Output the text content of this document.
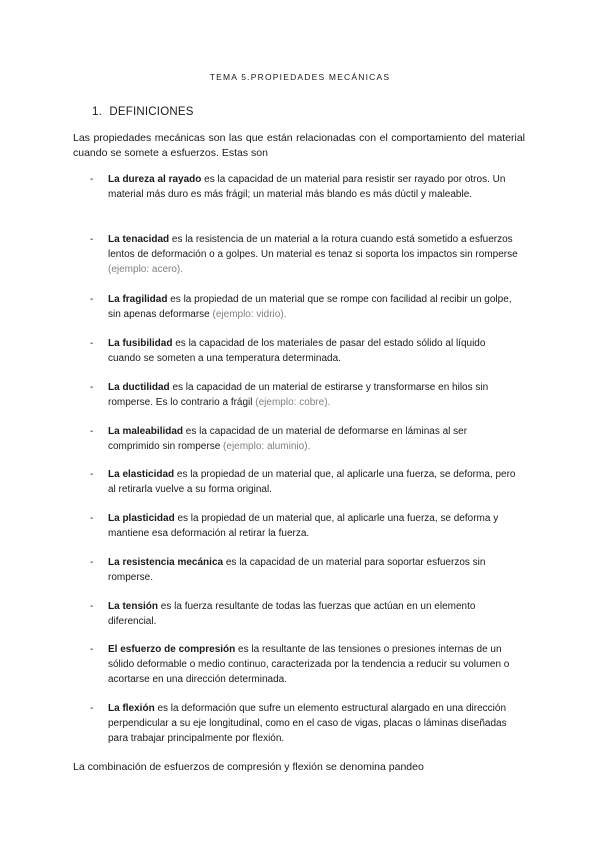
TEMA 5.PROPIEDADES MECÁNICAS
1. DEFINICIONES

Las propiedades mecánicas son las que están relacionadas con el comportamiento del material cuando se somete a esfuerzos. Estas son

- La dureza al rayado es la capacidad de un material para resistir ser rayado por otros. Un material más duro es más frágil; un material más blando es más dúctil y maleable.
- La tenacidad es la resistencia de un material a la rotura cuando está sometido a esfuerzos lentos de deformación o a golpes. Un material es tenaz si soporta los impactos sin romperse (ejemplo: acero).
- La fragilidad es la propiedad de un material que se rompe con facilidad al recibir un golpe, sin apenas deformarse (ejemplo: vidrio).
- La fusibilidad es la capacidad de los materiales de pasar del estado sólido al líquido cuando se someten a una temperatura determinada.
- La ductilidad es la capacidad de un material de estirarse y transformarse en hilos sin romperse. Es lo contrario a frágil (ejemplo: cobre).
- La maleabilidad es la capacidad de un material de deformarse en láminas al ser comprimido sin romperse (ejemplo: aluminio).
- La elasticidad es la propiedad de un material que, al aplicarle una fuerza, se deforma, pero al retirarla vuelve a su forma original.
- La plasticidad es la propiedad de un material que, al aplicarle una fuerza, se deforma y mantiene esa deformación al retirar la fuerza.
- La resistencia mecánica es la capacidad de un material para soportar esfuerzos sin romperse.
- La tensión es la fuerza resultante de todas las fuerzas que actúan en un elemento diferencial.
- El esfuerzo de compresión es la resultante de las tensiones o presiones internas de un sólido deformable o medio continuo, caracterizada por la tendencia a reducir su volumen o acortarse en una dirección determinada.
- La flexión es la deformación que sufre un elemento estructural alargado en una dirección perpendicular a su eje longitudinal, como en el caso de vigas, placas o láminas diseñadas para trabajar principalmente por flexión.
La combinación de esfuerzos de compresión y flexión se denomina pandeo
